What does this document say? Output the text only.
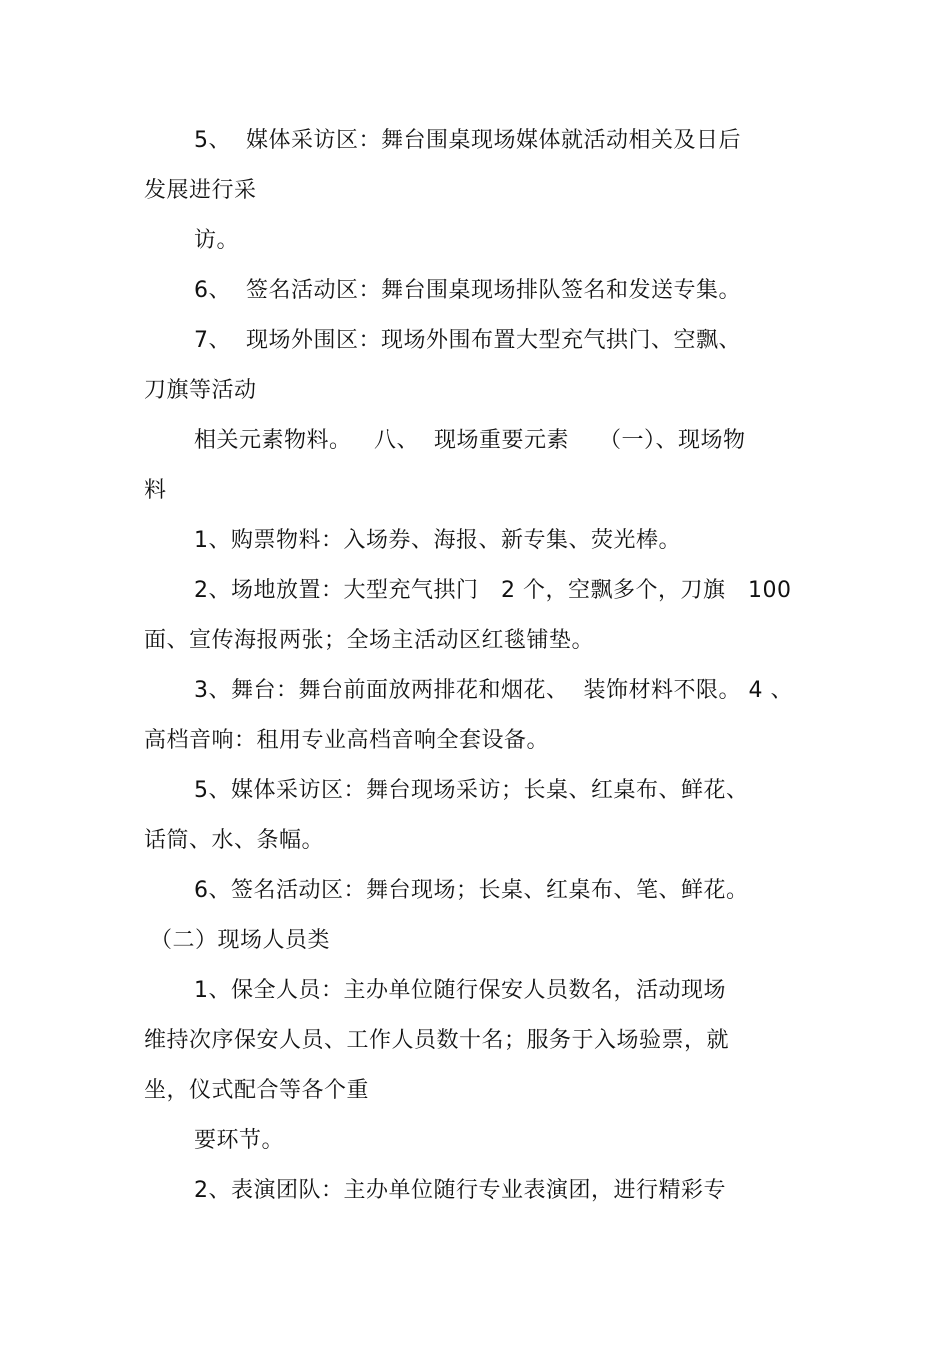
5、  媒体采访区：舞台围桌现场媒体就活动相关及日后
发展进行采
访。
6、  签名活动区：舞台围桌现场排队签名和发送专集。
7、  现场外围区：现场外围布置大型充气拱门、空飘、
刀旗等活动
相关元素物料。   八、  现场重要元素    （一）、现场物
料
1、购票物料：入场券、海报、新专集、荧光棒。
2、场地放置：大型充气拱门   2 个，空飘多个，刀旗   100
面、宣传海报两张；全场主活动区红毯铺垫。
3、舞台：舞台前面放两排花和烟花、  装饰材料不限。 4 、
高档音响：租用专业高档音响全套设备。
5、媒体采访区：舞台现场采访；长桌、红桌布、鲜花、
话筒、水、条幅。
6、签名活动区：舞台现场；长桌、红桌布、笔、鲜花。
（二）现场人员类
1、保全人员：主办单位随行保安人员数名，活动现场
维持次序保安人员、工作人员数十名；服务于入场验票，就
坐，仪式配合等各个重
要环节。
2、表演团队：主办单位随行专业表演团，进行精彩专
